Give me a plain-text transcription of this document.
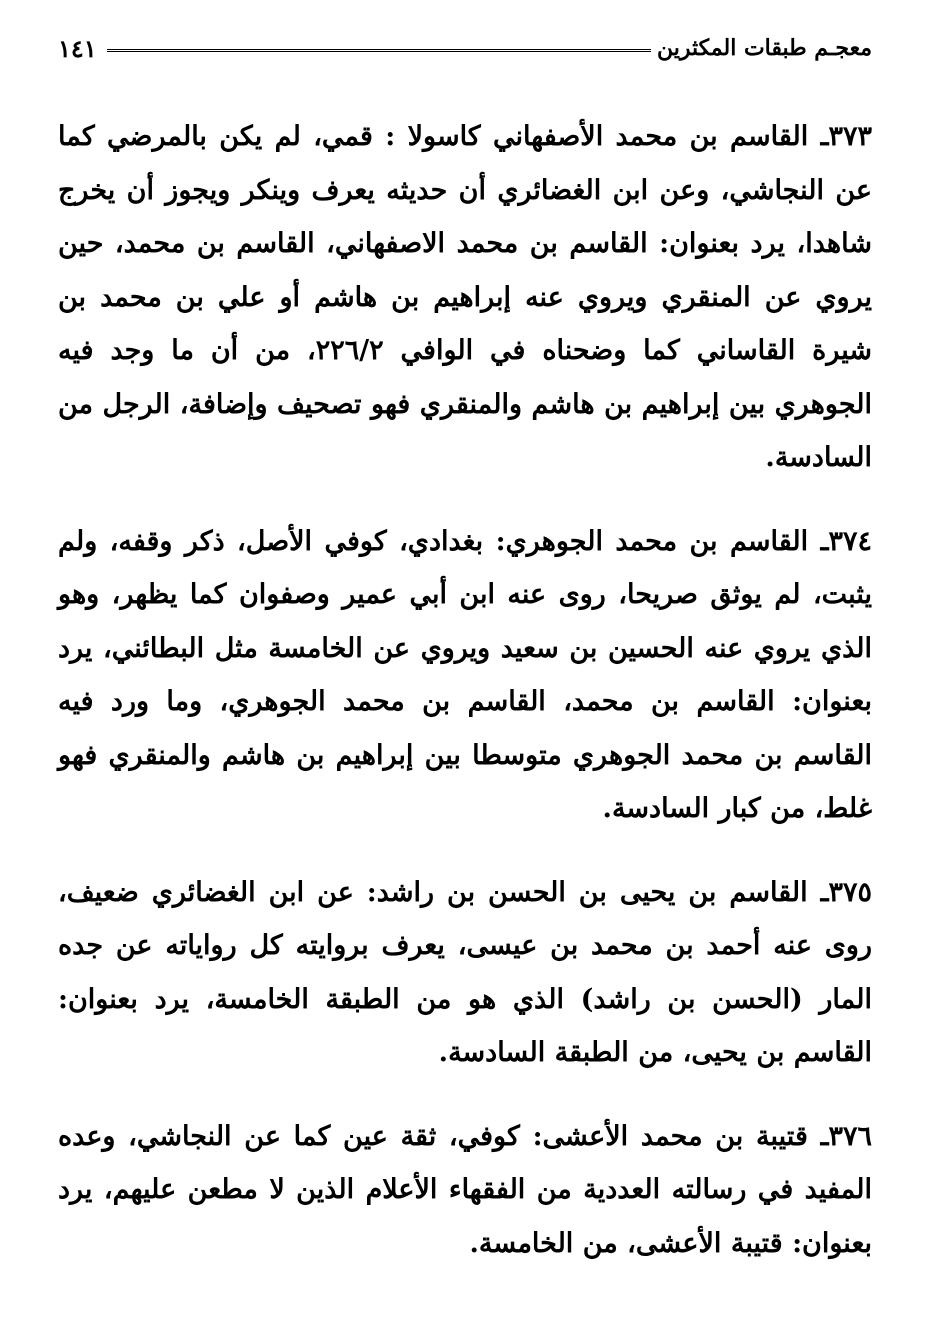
معجـم طبقات المكثرين
١٤١

٣٧٣ـ القاسم بن محمد الأصفهاني كاسولا : قمي، لم يكن بالمرضي كما عن النجاشي، وعن ابن الغضائري أن حديثه يعرف وينكر ويجوز أن يخرج شاهدا، يرد بعنوان: القاسم بن محمد الاصفهاني، القاسم بن محمد، حين يروي عن المنقري ويروي عنه إبراهيم بن هاشم أو علي بن محمد بن شيرة القاساني كما وضحناه في الوافي ٢٢٦/٢، من أن ما وجد فيه الجوهري بين إبراهيم بن هاشم والمنقري فهو تصحيف وإضافة، الرجل من السادسة.

٣٧٤ـ القاسم بن محمد الجوهري: بغدادي، كوفي الأصل، ذكر وقفه، ولم يثبت، لم يوثق صريحا، روى عنه ابن أبي عمير وصفوان كما يظهر، وهو الذي يروي عنه الحسين بن سعيد ويروي عن الخامسة مثل البطائني، يرد بعنوان: القاسم بن محمد، القاسم بن محمد الجوهري، وما ورد فيه القاسم بن محمد الجوهري متوسطا بين إبراهيم بن هاشم والمنقري فهو غلط، من كبار السادسة.

٣٧٥ـ القاسم بن يحيى بن الحسن بن راشد: عن ابن الغضائري ضعيف، روى عنه أحمد بن محمد بن عيسى، يعرف بروايته كل رواياته عن جده المار (الحسن بن راشد) الذي هو من الطبقة الخامسة، يرد بعنوان: القاسم بن يحيى، من الطبقة السادسة.

٣٧٦ـ قتيبة بن محمد الأعشى: كوفي، ثقة عين كما عن النجاشي، وعده المفيد في رسالته العددية من الفقهاء الأعلام الذين لا مطعن عليهم، يرد بعنوان: قتيبة الأعشى، من الخامسة.
